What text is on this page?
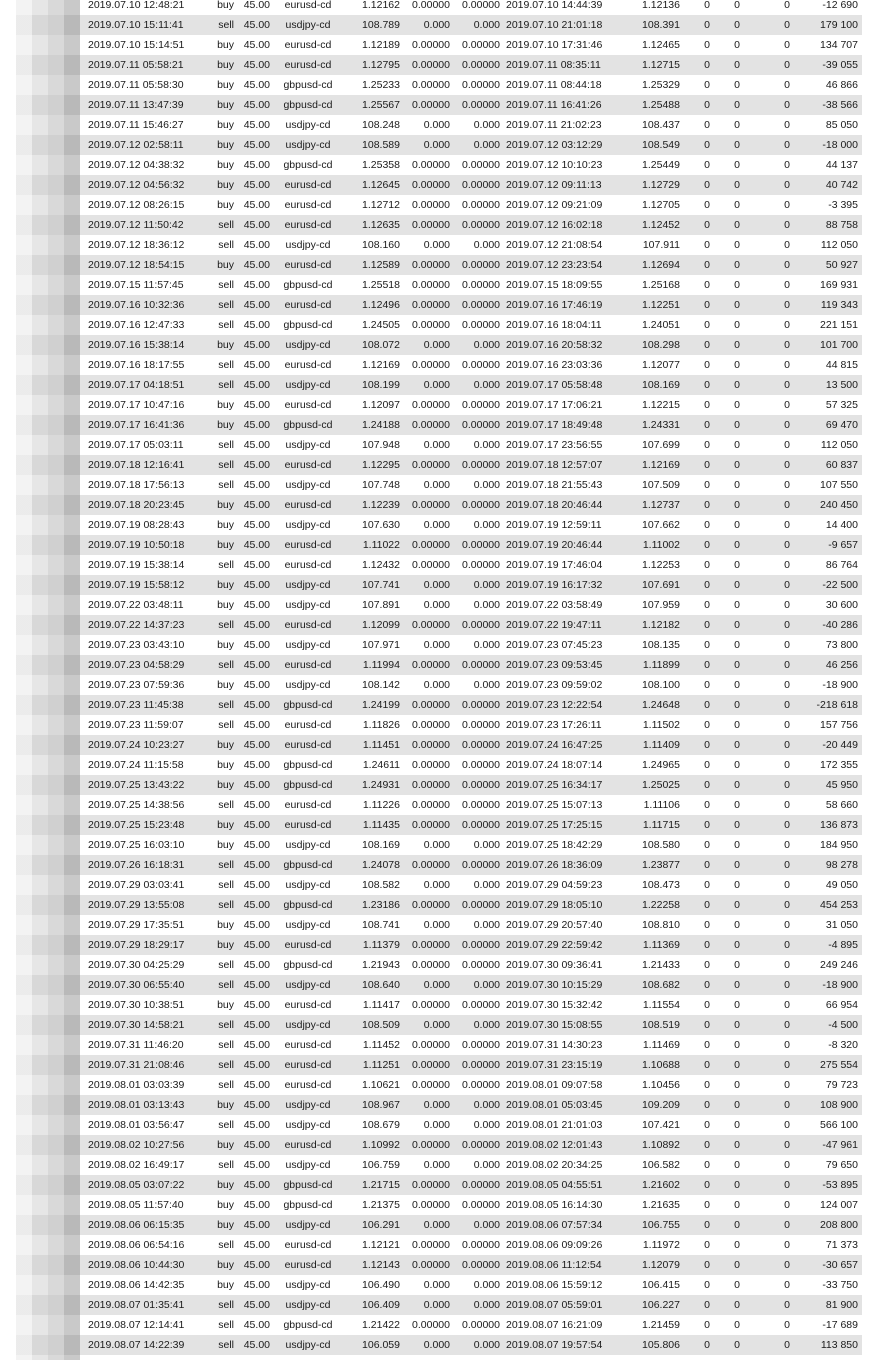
2019.07.10 12:48:21	buy	45.00	eurusd-cd	1.12162	0.00000	0.00000	2019.07.10 14:44:39	1.12136	0	0	0	-12 690
2019.07.10 15:11:41	sell	45.00	usdjpy-cd	108.789	0.000	0.000	2019.07.10 21:01:18	108.391	0	0	0	179 100
2019.07.10 15:14:51	buy	45.00	eurusd-cd	1.12189	0.00000	0.00000	2019.07.10 17:31:46	1.12465	0	0	0	134 707
2019.07.11 05:58:21	buy	45.00	eurusd-cd	1.12795	0.00000	0.00000	2019.07.11 08:35:11	1.12715	0	0	0	-39 055
2019.07.11 05:58:30	buy	45.00	gbpusd-cd	1.25233	0.00000	0.00000	2019.07.11 08:44:18	1.25329	0	0	0	46 866
2019.07.11 13:47:39	buy	45.00	gbpusd-cd	1.25567	0.00000	0.00000	2019.07.11 16:41:26	1.25488	0	0	0	-38 566
2019.07.11 15:46:27	buy	45.00	usdjpy-cd	108.248	0.000	0.000	2019.07.11 21:02:23	108.437	0	0	0	85 050
2019.07.12 02:58:11	buy	45.00	usdjpy-cd	108.589	0.000	0.000	2019.07.12 03:12:29	108.549	0	0	0	-18 000
2019.07.12 04:38:32	buy	45.00	gbpusd-cd	1.25358	0.00000	0.00000	2019.07.12 10:10:23	1.25449	0	0	0	44 137
2019.07.12 04:56:32	buy	45.00	eurusd-cd	1.12645	0.00000	0.00000	2019.07.12 09:11:13	1.12729	0	0	0	40 742
2019.07.12 08:26:15	buy	45.00	eurusd-cd	1.12712	0.00000	0.00000	2019.07.12 09:21:09	1.12705	0	0	0	-3 395
2019.07.12 11:50:42	sell	45.00	eurusd-cd	1.12635	0.00000	0.00000	2019.07.12 16:02:18	1.12452	0	0	0	88 758
2019.07.12 18:36:12	sell	45.00	usdjpy-cd	108.160	0.000	0.000	2019.07.12 21:08:54	107.911	0	0	0	112 050
2019.07.12 18:54:15	buy	45.00	eurusd-cd	1.12589	0.00000	0.00000	2019.07.12 23:23:54	1.12694	0	0	0	50 927
2019.07.15 11:57:45	sell	45.00	gbpusd-cd	1.25518	0.00000	0.00000	2019.07.15 18:09:55	1.25168	0	0	0	169 931
2019.07.16 10:32:36	sell	45.00	eurusd-cd	1.12496	0.00000	0.00000	2019.07.16 17:46:19	1.12251	0	0	0	119 343
2019.07.16 12:47:33	sell	45.00	gbpusd-cd	1.24505	0.00000	0.00000	2019.07.16 18:04:11	1.24051	0	0	0	221 151
2019.07.16 15:38:14	buy	45.00	usdjpy-cd	108.072	0.000	0.000	2019.07.16 20:58:32	108.298	0	0	0	101 700
2019.07.16 18:17:55	sell	45.00	eurusd-cd	1.12169	0.00000	0.00000	2019.07.16 23:03:36	1.12077	0	0	0	44 815
2019.07.17 04:18:51	sell	45.00	usdjpy-cd	108.199	0.000	0.000	2019.07.17 05:58:48	108.169	0	0	0	13 500
2019.07.17 10:47:16	buy	45.00	eurusd-cd	1.12097	0.00000	0.00000	2019.07.17 17:06:21	1.12215	0	0	0	57 325
2019.07.17 16:41:36	buy	45.00	gbpusd-cd	1.24188	0.00000	0.00000	2019.07.17 18:49:48	1.24331	0	0	0	69 470
2019.07.17 05:03:11	sell	45.00	usdjpy-cd	107.948	0.000	0.000	2019.07.17 23:56:55	107.699	0	0	0	112 050
2019.07.18 12:16:41	sell	45.00	eurusd-cd	1.12295	0.00000	0.00000	2019.07.18 12:57:07	1.12169	0	0	0	60 837
2019.07.18 17:56:13	sell	45.00	usdjpy-cd	107.748	0.000	0.000	2019.07.18 21:55:43	107.509	0	0	0	107 550
2019.07.18 20:23:45	buy	45.00	eurusd-cd	1.12239	0.00000	0.00000	2019.07.18 20:46:44	1.12737	0	0	0	240 450
2019.07.19 08:28:43	buy	45.00	usdjpy-cd	107.630	0.000	0.000	2019.07.19 12:59:11	107.662	0	0	0	14 400
2019.07.19 10:50:18	buy	45.00	eurusd-cd	1.11022	0.00000	0.00000	2019.07.19 20:46:44	1.11002	0	0	0	-9 657
2019.07.19 15:38:14	sell	45.00	eurusd-cd	1.12432	0.00000	0.00000	2019.07.19 17:46:04	1.12253	0	0	0	86 764
2019.07.19 15:58:12	buy	45.00	usdjpy-cd	107.741	0.000	0.000	2019.07.19 16:17:32	107.691	0	0	0	-22 500
2019.07.22 03:48:11	buy	45.00	usdjpy-cd	107.891	0.000	0.000	2019.07.22 03:58:49	107.959	0	0	0	30 600
2019.07.22 14:37:23	sell	45.00	eurusd-cd	1.12099	0.00000	0.00000	2019.07.22 19:47:11	1.12182	0	0	0	-40 286
2019.07.23 03:43:10	buy	45.00	usdjpy-cd	107.971	0.000	0.000	2019.07.23 07:45:23	108.135	0	0	0	73 800
2019.07.23 04:58:29	sell	45.00	eurusd-cd	1.11994	0.00000	0.00000	2019.07.23 09:53:45	1.11899	0	0	0	46 256
2019.07.23 07:59:36	buy	45.00	usdjpy-cd	108.142	0.000	0.000	2019.07.23 09:59:02	108.100	0	0	0	-18 900
2019.07.23 11:45:38	sell	45.00	gbpusd-cd	1.24199	0.00000	0.00000	2019.07.23 12:22:54	1.24648	0	0	0	-218 618
2019.07.23 11:59:07	sell	45.00	eurusd-cd	1.11826	0.00000	0.00000	2019.07.23 17:26:11	1.11502	0	0	0	157 756
2019.07.24 10:23:27	buy	45.00	eurusd-cd	1.11451	0.00000	0.00000	2019.07.24 16:47:25	1.11409	0	0	0	-20 449
2019.07.24 11:15:58	buy	45.00	gbpusd-cd	1.24611	0.00000	0.00000	2019.07.24 18:07:14	1.24965	0	0	0	172 355
2019.07.25 13:43:22	buy	45.00	gbpusd-cd	1.24931	0.00000	0.00000	2019.07.25 16:34:17	1.25025	0	0	0	45 950
2019.07.25 14:38:56	sell	45.00	eurusd-cd	1.11226	0.00000	0.00000	2019.07.25 15:07:13	1.11106	0	0	0	58 660
2019.07.25 15:23:48	buy	45.00	eurusd-cd	1.11435	0.00000	0.00000	2019.07.25 17:25:15	1.11715	0	0	0	136 873
2019.07.25 16:03:10	buy	45.00	usdjpy-cd	108.169	0.000	0.000	2019.07.25 18:42:29	108.580	0	0	0	184 950
2019.07.26 16:18:31	sell	45.00	gbpusd-cd	1.24078	0.00000	0.00000	2019.07.26 18:36:09	1.23877	0	0	0	98 278
2019.07.29 03:03:41	sell	45.00	usdjpy-cd	108.582	0.000	0.000	2019.07.29 04:59:23	108.473	0	0	0	49 050
2019.07.29 13:55:08	sell	45.00	gbpusd-cd	1.23186	0.00000	0.00000	2019.07.29 18:05:10	1.22258	0	0	0	454 253
2019.07.29 17:35:51	buy	45.00	usdjpy-cd	108.741	0.000	0.000	2019.07.29 20:57:40	108.810	0	0	0	31 050
2019.07.29 18:29:17	buy	45.00	eurusd-cd	1.11379	0.00000	0.00000	2019.07.29 22:59:42	1.11369	0	0	0	-4 895
2019.07.30 04:25:29	sell	45.00	gbpusd-cd	1.21943	0.00000	0.00000	2019.07.30 09:36:41	1.21433	0	0	0	249 246
2019.07.30 06:55:40	sell	45.00	usdjpy-cd	108.640	0.000	0.000	2019.07.30 10:15:29	108.682	0	0	0	-18 900
2019.07.30 10:38:51	buy	45.00	eurusd-cd	1.11417	0.00000	0.00000	2019.07.30 15:32:42	1.11554	0	0	0	66 954
2019.07.30 14:58:21	sell	45.00	usdjpy-cd	108.509	0.000	0.000	2019.07.30 15:08:55	108.519	0	0	0	-4 500
2019.07.31 11:46:20	sell	45.00	eurusd-cd	1.11452	0.00000	0.00000	2019.07.31 14:30:23	1.11469	0	0	0	-8 320
2019.07.31 21:08:46	sell	45.00	eurusd-cd	1.11251	0.00000	0.00000	2019.07.31 23:15:19	1.10688	0	0	0	275 554
2019.08.01 03:03:39	sell	45.00	eurusd-cd	1.10621	0.00000	0.00000	2019.08.01 09:07:58	1.10456	0	0	0	79 723
2019.08.01 03:13:43	buy	45.00	usdjpy-cd	108.967	0.000	0.000	2019.08.01 05:03:45	109.209	0	0	0	108 900
2019.08.01 03:56:47	sell	45.00	usdjpy-cd	108.679	0.000	0.000	2019.08.01 21:01:03	107.421	0	0	0	566 100
2019.08.02 10:27:56	buy	45.00	eurusd-cd	1.10992	0.00000	0.00000	2019.08.02 12:01:43	1.10892	0	0	0	-47 961
2019.08.02 16:49:17	sell	45.00	usdjpy-cd	106.759	0.000	0.000	2019.08.02 20:34:25	106.582	0	0	0	79 650
2019.08.05 03:07:22	buy	45.00	gbpusd-cd	1.21715	0.00000	0.00000	2019.08.05 04:55:51	1.21602	0	0	0	-53 895
2019.08.05 11:57:40	buy	45.00	gbpusd-cd	1.21375	0.00000	0.00000	2019.08.05 16:14:30	1.21635	0	0	0	124 007
2019.08.06 06:15:35	buy	45.00	usdjpy-cd	106.291	0.000	0.000	2019.08.06 07:57:34	106.755	0	0	0	208 800
2019.08.06 06:54:16	sell	45.00	eurusd-cd	1.12121	0.00000	0.00000	2019.08.06 09:09:26	1.11972	0	0	0	71 373
2019.08.06 10:44:30	buy	45.00	eurusd-cd	1.12143	0.00000	0.00000	2019.08.06 11:12:54	1.12079	0	0	0	-30 657
2019.08.06 14:42:35	buy	45.00	usdjpy-cd	106.490	0.000	0.000	2019.08.06 15:59:12	106.415	0	0	0	-33 750
2019.08.07 01:35:41	sell	45.00	usdjpy-cd	106.409	0.000	0.000	2019.08.07 05:59:01	106.227	0	0	0	81 900
2019.08.07 12:14:41	sell	45.00	gbpusd-cd	1.21422	0.00000	0.00000	2019.08.07 16:21:09	1.21459	0	0	0	-17 689
2019.08.07 14:22:39	sell	45.00	usdjpy-cd	106.059	0.000	0.000	2019.08.07 19:57:54	105.806	0	0	0	113 850
